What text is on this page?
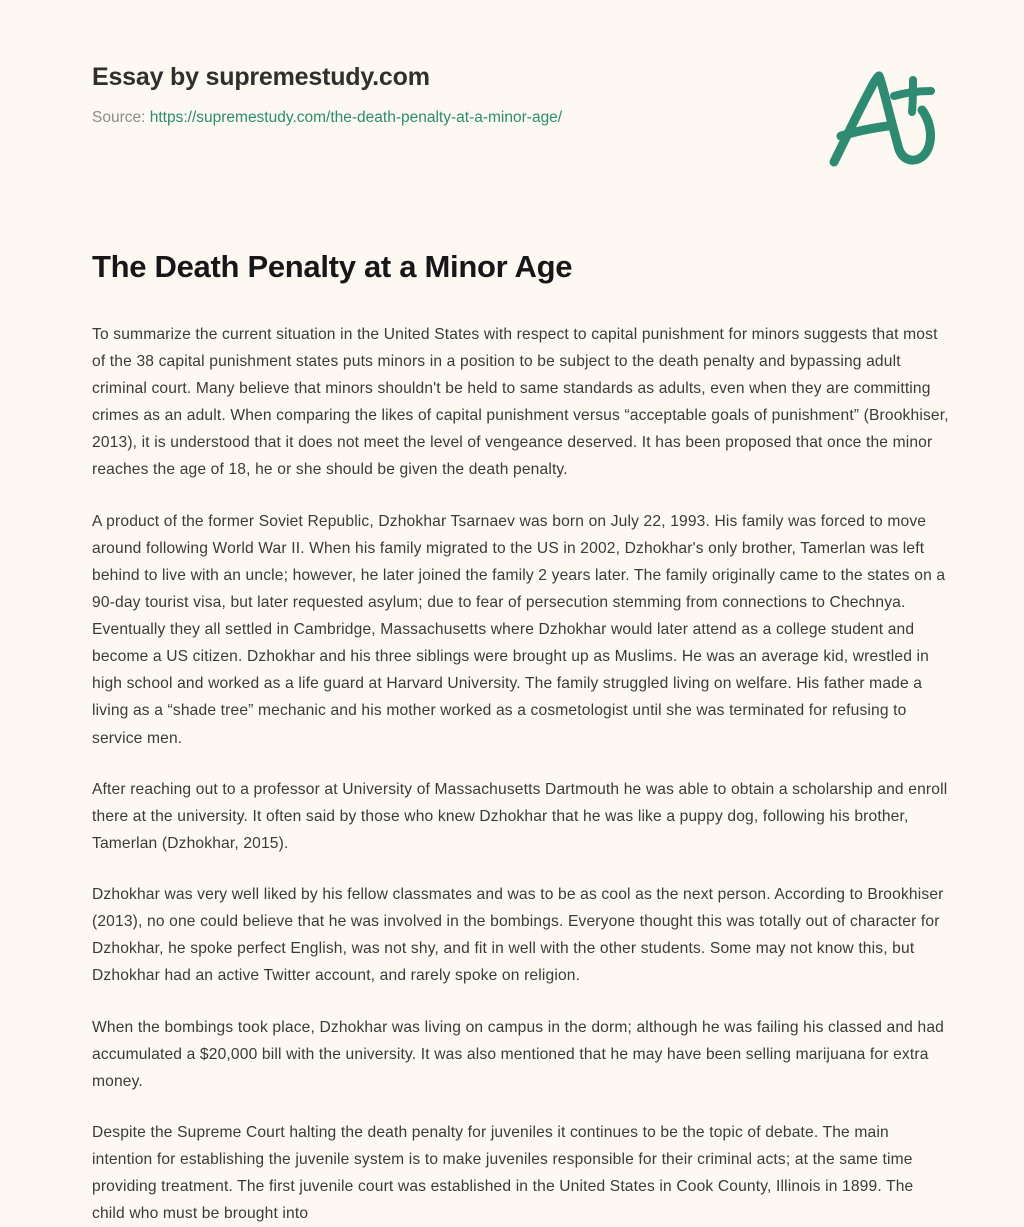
Essay by supremestudy.com
Source: https://supremestudy.com/the-death-penalty-at-a-minor-age/
The Death Penalty at a Minor Age

To summarize the current situation in the United States with respect to capital punishment for minors suggests that most of the 38 capital punishment states puts minors in a position to be subject to the death penalty and bypassing adult criminal court. Many believe that minors shouldn't be held to same standards as adults, even when they are committing crimes as an adult. When comparing the likes of capital punishment versus “acceptable goals of punishment” (Brookhiser, 2013), it is understood that it does not meet the level of vengeance deserved. It has been proposed that once the minor reaches the age of 18, he or she should be given the death penalty.

A product of the former Soviet Republic, Dzhokhar Tsarnaev was born on July 22, 1993. His family was forced to move around following World War II. When his family migrated to the US in 2002, Dzhokhar's only brother, Tamerlan was left behind to live with an uncle; however, he later joined the family 2 years later. The family originally came to the states on a 90-day tourist visa, but later requested asylum; due to fear of persecution stemming from connections to Chechnya. Eventually they all settled in Cambridge, Massachusetts where Dzhokhar would later attend as a college student and become a US citizen. Dzhokhar and his three siblings were brought up as Muslims. He was an average kid, wrestled in high school and worked as a life guard at Harvard University. The family struggled living on welfare. His father made a living as a “shade tree” mechanic and his mother worked as a cosmetologist until she was terminated for refusing to service men.

After reaching out to a professor at University of Massachusetts Dartmouth he was able to obtain a scholarship and enroll there at the university. It often said by those who knew Dzhokhar that he was like a puppy dog, following his brother, Tamerlan (Dzhokhar, 2015).

Dzhokhar was very well liked by his fellow classmates and was to be as cool as the next person. According to Brookhiser (2013), no one could believe that he was involved in the bombings. Everyone thought this was totally out of character for Dzhokhar, he spoke perfect English, was not shy, and fit in well with the other students. Some may not know this, but Dzhokhar had an active Twitter account, and rarely spoke on religion.

When the bombings took place, Dzhokhar was living on campus in the dorm; although he was failing his classed and had accumulated a $20,000 bill with the university. It was also mentioned that he may have been selling marijuana for extra money.

Despite the Supreme Court halting the death penalty for juveniles it continues to be the topic of debate. The main intention for establishing the juvenile system is to make juveniles responsible for their criminal acts; at the same time providing treatment. The first juvenile court was established in the United States in Cook County, Illinois in 1899. The child who must be brought into
